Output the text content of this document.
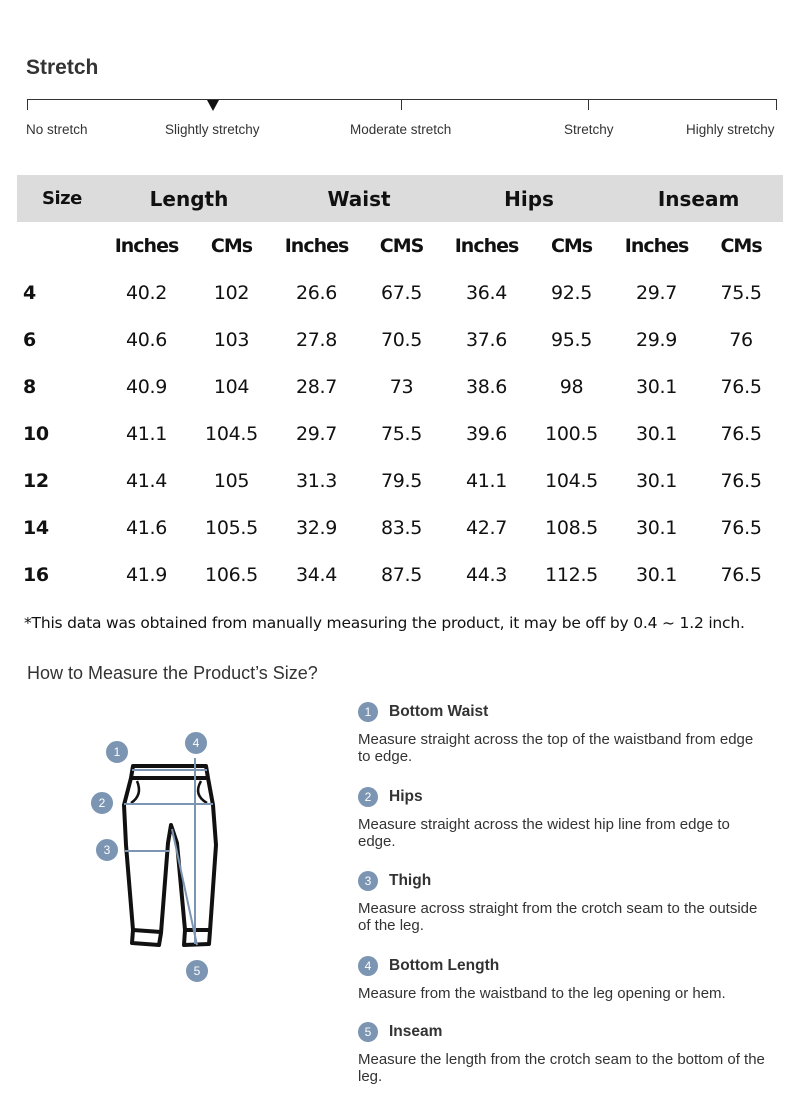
Stretch
No stretch	Slightly stretchy	Moderate stretch	Stretchy	Highly stretchy
Size	Length		Waist		Hips		Inseam	
	Inches	CMs	Inches	CMS	Inches	CMs	Inches	CMs
4	40.2	102	26.6	67.5	36.4	92.5	29.7	75.5
6	40.6	103	27.8	70.5	37.6	95.5	29.9	76
8	40.9	104	28.7	73	38.6	98	30.1	76.5
10	41.1	104.5	29.7	75.5	39.6	100.5	30.1	76.5
12	41.4	105	31.3	79.5	41.1	104.5	30.1	76.5
14	41.6	105.5	32.9	83.5	42.7	108.5	30.1	76.5
16	41.9	106.5	34.4	87.5	44.3	112.5	30.1	76.5
*This data was obtained from manually measuring the product, it may be off by 0.4 ~ 1.2 inch.
How to Measure the Product’s Size?
1
4
2
3
5
1	Bottom Waist
Measure straight across the top of the waistband from edge to edge.
2	Hips
Measure straight across the widest hip line from edge to edge.
3	Thigh
Measure across straight from the crotch seam to the outside of the leg.
4	Bottom Length
Measure from the waistband to the leg opening or hem.
5	Inseam
Measure the length from the crotch seam to the bottom of the leg.
